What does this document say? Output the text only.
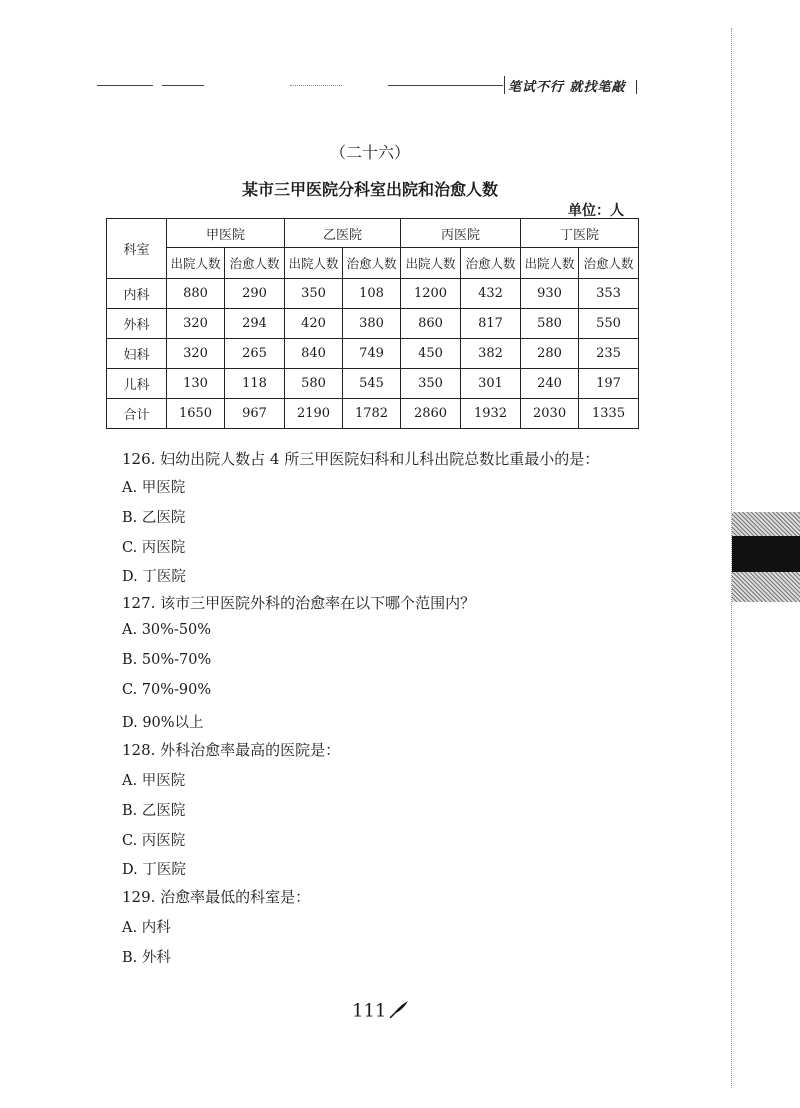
笔试不行 就找笔敲
（二十六）
某市三甲医院分科室出院和治愈人数
单位：人
科室	甲医院		乙医院		丙医院		丁医院	
	出院人数	治愈人数	出院人数	治愈人数	出院人数	治愈人数	出院人数	治愈人数
内科	880	290	350	108	1200	432	930	353
外科	320	294	420	380	860	817	580	550
妇科	320	265	840	749	450	382	280	235
儿科	130	118	580	545	350	301	240	197
合计	1650	967	2190	1782	2860	1932	2030	1335
126. 妇幼出院人数占 4 所三甲医院妇科和儿科出院总数比重最小的是：
A. 甲医院
B. 乙医院
C. 丙医院
D. 丁医院
127. 该市三甲医院外科的治愈率在以下哪个范围内？
A. 30%-50%
B. 50%-70%
C. 70%-90%
D. 90%以上
128. 外科治愈率最高的医院是：
A. 甲医院
B. 乙医院
C. 丙医院
D. 丁医院
129. 治愈率最低的科室是：
A. 内科
B. 外科
111
